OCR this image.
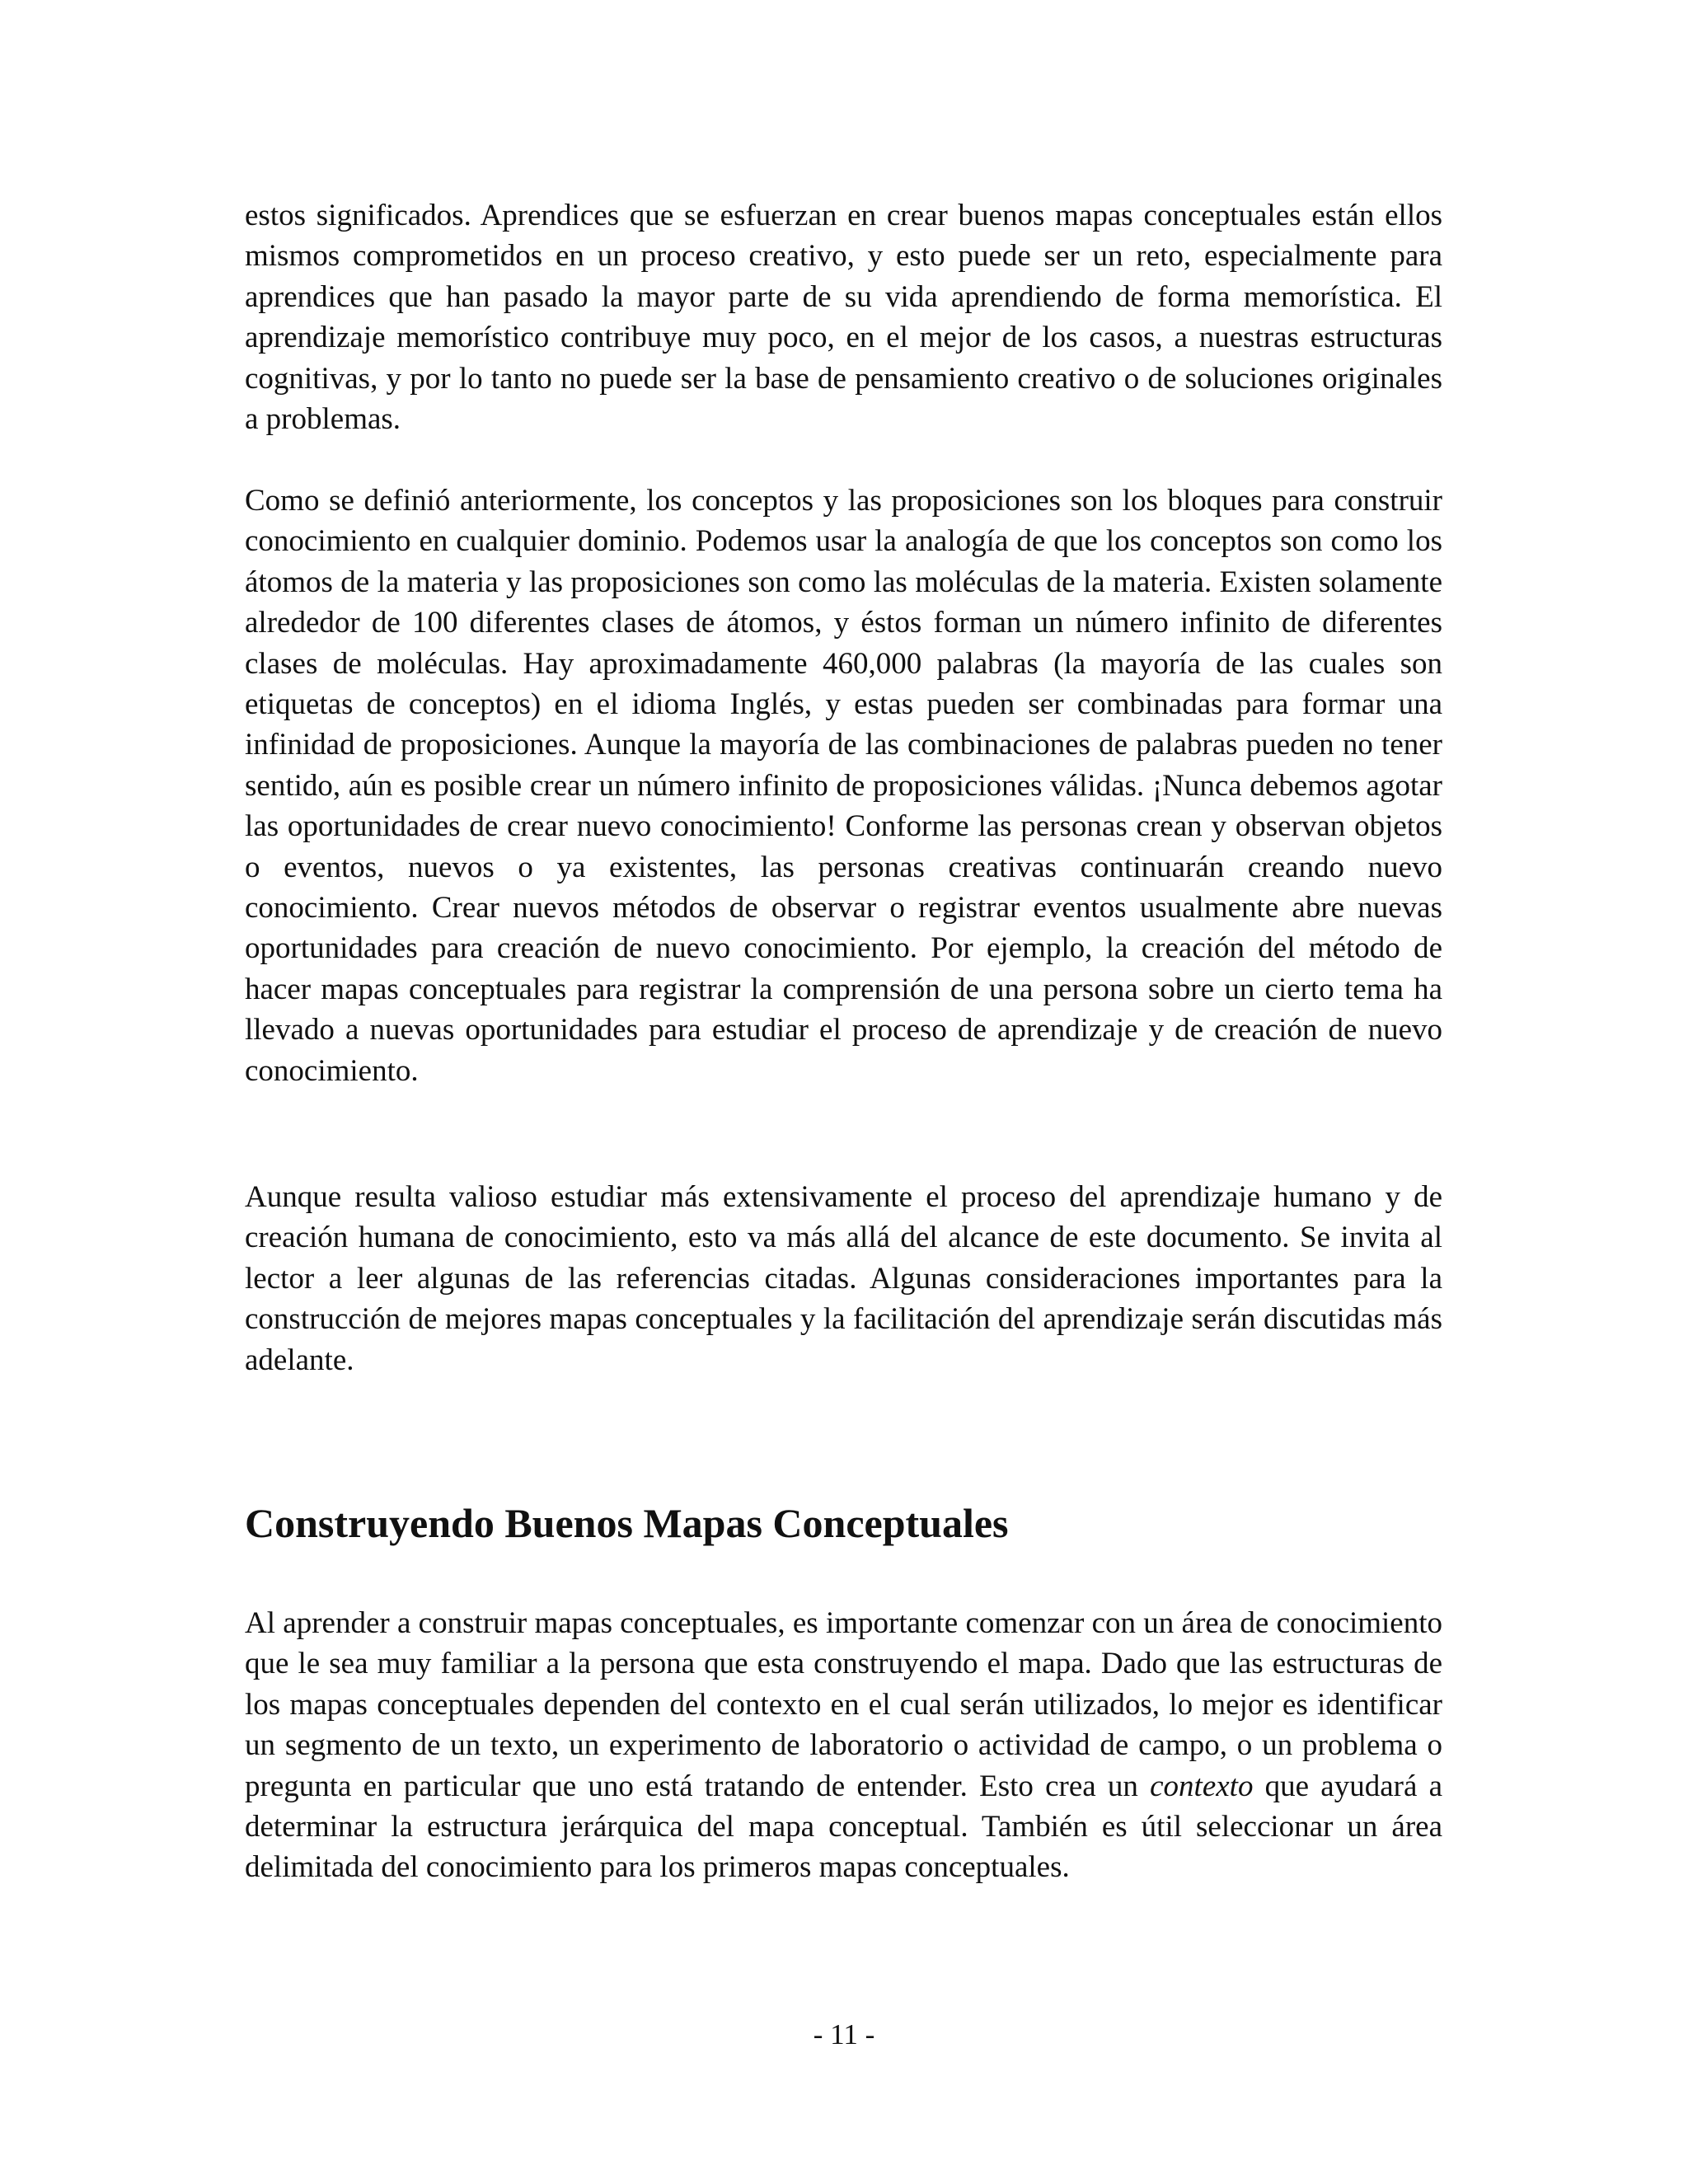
estos significados. Aprendices que se esfuerzan en crear buenos mapas conceptuales están ellos mismos comprometidos en un proceso creativo, y esto puede ser un reto, especialmente para aprendices que han pasado la mayor parte de su vida aprendiendo de forma memorística. El aprendizaje memorístico contribuye muy poco, en el mejor de los casos, a nuestras estructuras cognitivas, y por lo tanto no puede ser la base de pensamiento creativo o de soluciones originales a problemas.

Como se definió anteriormente, los conceptos y las proposiciones son los bloques para construir conocimiento en cualquier dominio. Podemos usar la analogía de que los conceptos son como los átomos de la materia y las proposiciones son como las moléculas de la materia. Existen solamente alrededor de 100 diferentes clases de átomos, y éstos forman un número infinito de diferentes clases de moléculas. Hay aproximadamente 460,000 palabras (la mayoría de las cuales son etiquetas de conceptos) en el idioma Inglés, y estas pueden ser combinadas para formar una infinidad de proposiciones. Aunque la mayoría de las combinaciones de palabras pueden no tener sentido, aún es posible crear un número infinito de proposiciones válidas. ¡Nunca debemos agotar las oportunidades de crear nuevo conocimiento! Conforme las personas crean y observan objetos o eventos, nuevos o ya existentes, las personas creativas continuarán creando nuevo conocimiento. Crear nuevos métodos de observar o registrar eventos usualmente abre nuevas oportunidades para creación de nuevo conocimiento. Por ejemplo, la creación del método de hacer mapas conceptuales para registrar la comprensión de una persona sobre un cierto tema ha llevado a nuevas oportunidades para estudiar el proceso de aprendizaje y de creación de nuevo conocimiento.

Aunque resulta valioso estudiar más extensivamente el proceso del aprendizaje humano y de creación humana de conocimiento, esto va más allá del alcance de este documento. Se invita al lector a leer algunas de las referencias citadas. Algunas consideraciones importantes para la construcción de mejores mapas conceptuales y la facilitación del aprendizaje serán discutidas más adelante.

Construyendo Buenos Mapas Conceptuales

Al aprender a construir mapas conceptuales, es importante comenzar con un área de conocimiento que le sea muy familiar a la persona que esta construyendo el mapa. Dado que las estructuras de los mapas conceptuales dependen del contexto en el cual serán utilizados, lo mejor es identificar un segmento de un texto, un experimento de laboratorio o actividad de campo, o un problema o pregunta en particular que uno está tratando de entender. Esto crea un contexto que ayudará a determinar la estructura jerárquica del mapa conceptual. También es útil seleccionar un área delimitada del conocimiento para los primeros mapas conceptuales.

- 11 -
